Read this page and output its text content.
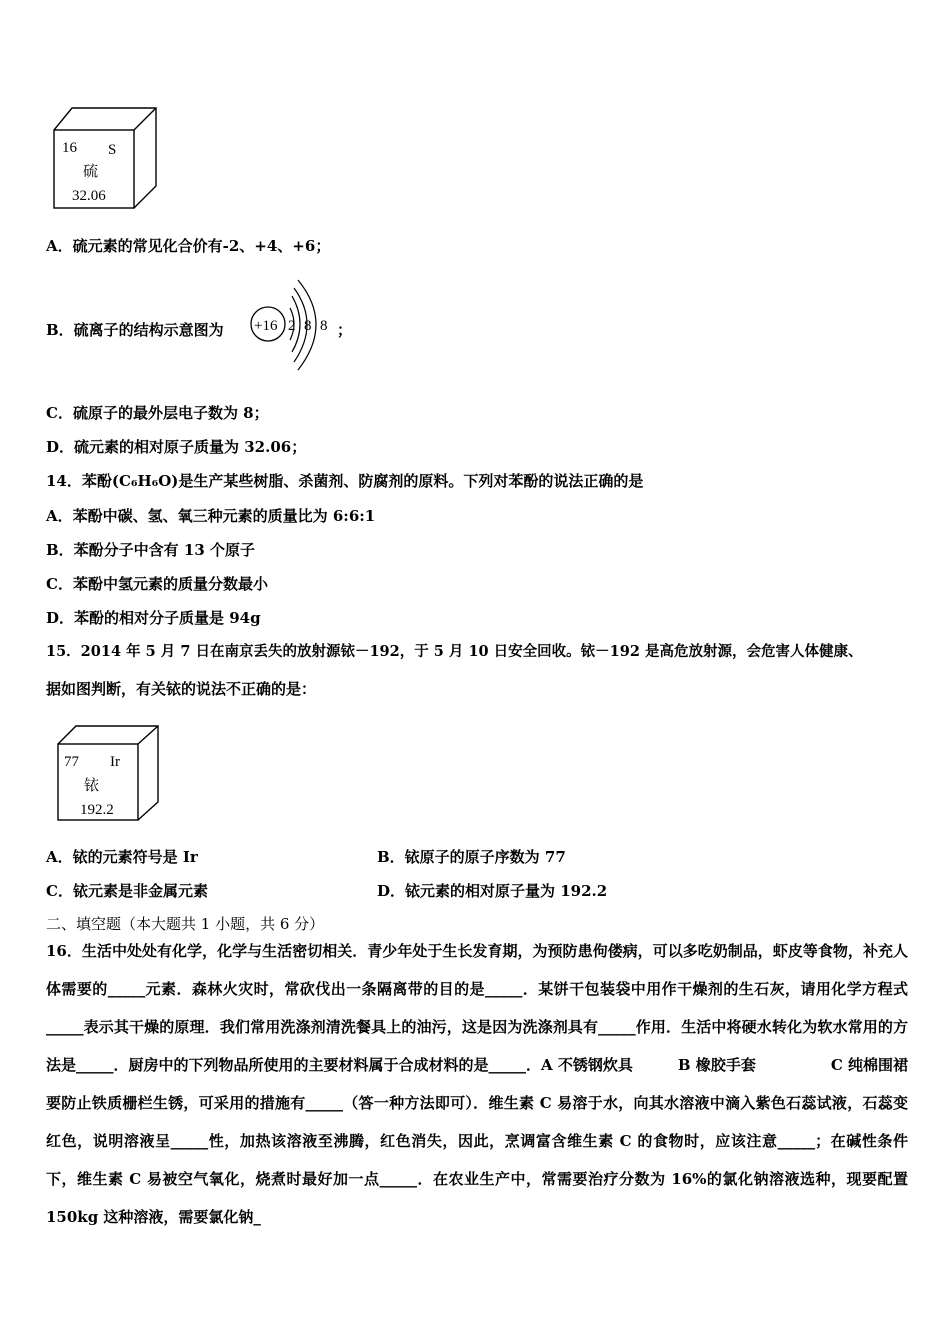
16 S
硫
32.06
A．硫元素的常见化合价有-2、+4、+6；
B．硫离子的结构示意图为 +16 2 8 8 ；
C．硫原子的最外层电子数为 8；
D．硫元素的相对原子质量为 32.06；
14．苯酚(C₆H₆O)是生产某些树脂、杀菌剂、防腐剂的原料。下列对苯酚的说法正确的是
A．苯酚中碳、氢、氧三种元素的质量比为 6:6:1
B．苯酚分子中含有 13 个原子
C．苯酚中氢元素的质量分数最小
D．苯酚的相对分子质量是 94g
15．2014 年 5 月 7 日在南京丢失的放射源铱－192，于 5 月 10 日安全回收。铱－192 是高危放射源，会危害人体健康、
据如图判断，有关铱的说法不正确的是：
77 Ir
铱
192.2
A．铱的元素符号是 Ir	B．铱原子的原子序数为 77
C．铱元素是非金属元素	D．铱元素的相对原子量为 192.2
二、填空题（本大题共 1 小题，共 6 分）
16．生活中处处有化学，化学与生活密切相关．青少年处于生长发育期，为预防患佝偻病，可以多吃奶制品，虾皮等食物，补充人体需要的_____元素．森林火灾时，常砍伐出一条隔离带的目的是_____．某饼干包装袋中用作干燥剂的生石灰，请用化学方程式_____表示其干燥的原理．我们常用洗涤剂清洗餐具上的油污，这是因为洗涤剂具有_____作用．生活中将硬水转化为软水常用的方法是_____．厨房中的下列物品所使用的主要材料属于合成材料的是_____．A 不锈钢炊具　　　B 橡胶手套　　　　　C 纯棉围裙要防止铁质栅栏生锈，可采用的措施有_____（答一种方法即可）．维生素 C 易溶于水，向其水溶液中滴入紫色石蕊试液，石蕊变红色，说明溶液呈_____性，加热该溶液至沸腾，红色消失，因此，烹调富含维生素 C 的食物时，应该注意_____；在碱性条件下，维生素 C 易被空气氧化，烧煮时最好加一点_____．在农业生产中，常需要治疗分数为 16%的氯化钠溶液选种，现要配置 150kg 这种溶液，需要氯化钠_
